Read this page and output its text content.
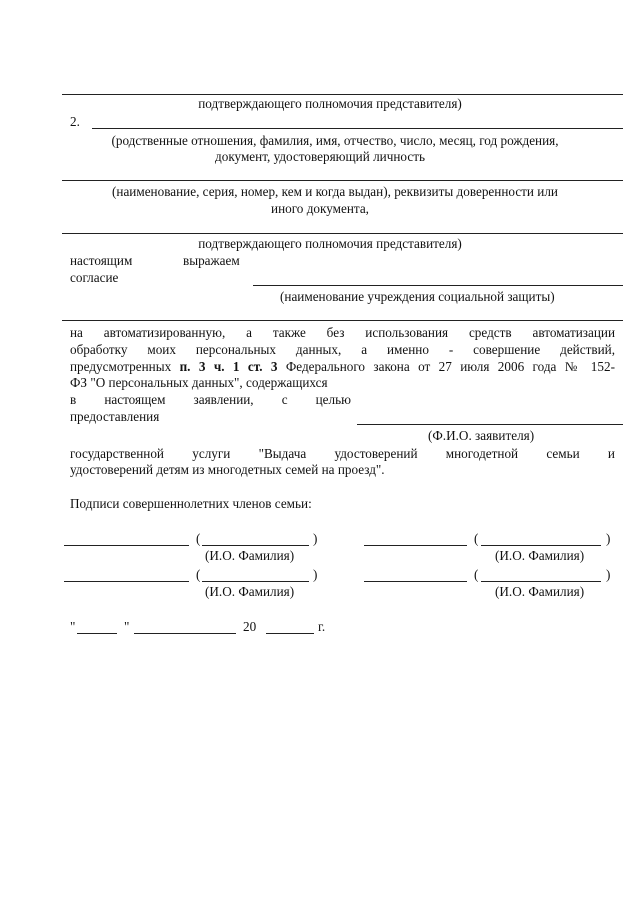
подтверждающего полномочия представителя)
2.
(родственные отношения, фамилия, имя, отчество, число, месяц, год рождения,
документ, удостоверяющий личность
(наименование, серия, номер, кем и когда выдан), реквизиты доверенности или
иного документа,
подтверждающего полномочия представителя)
настоящим	выражаем
согласие
(наименование учреждения социальной защиты)
на автоматизированную, а также без использования средств автоматизации
обработку моих персональных данных, а именно - совершение действий,
предусмотренных п. 3 ч. 1 ст. 3 Федерального закона от 27 июля 2006 года № 152-
ФЗ "О персональных данных", содержащихся
в настоящем заявлении, с целью
предоставления
(Ф.И.О. заявителя)
государственной услуги "Выдача удостоверений многодетной семьи и
удостоверений детям из многодетных семей на проезд".
Подписи совершеннолетних членов семьи:
(	)
(И.О. Фамилия)
(	)
(И.О. Фамилия)
(	)
(И.О. Фамилия)
(	)
(И.О. Фамилия)
"	"	20	г.
